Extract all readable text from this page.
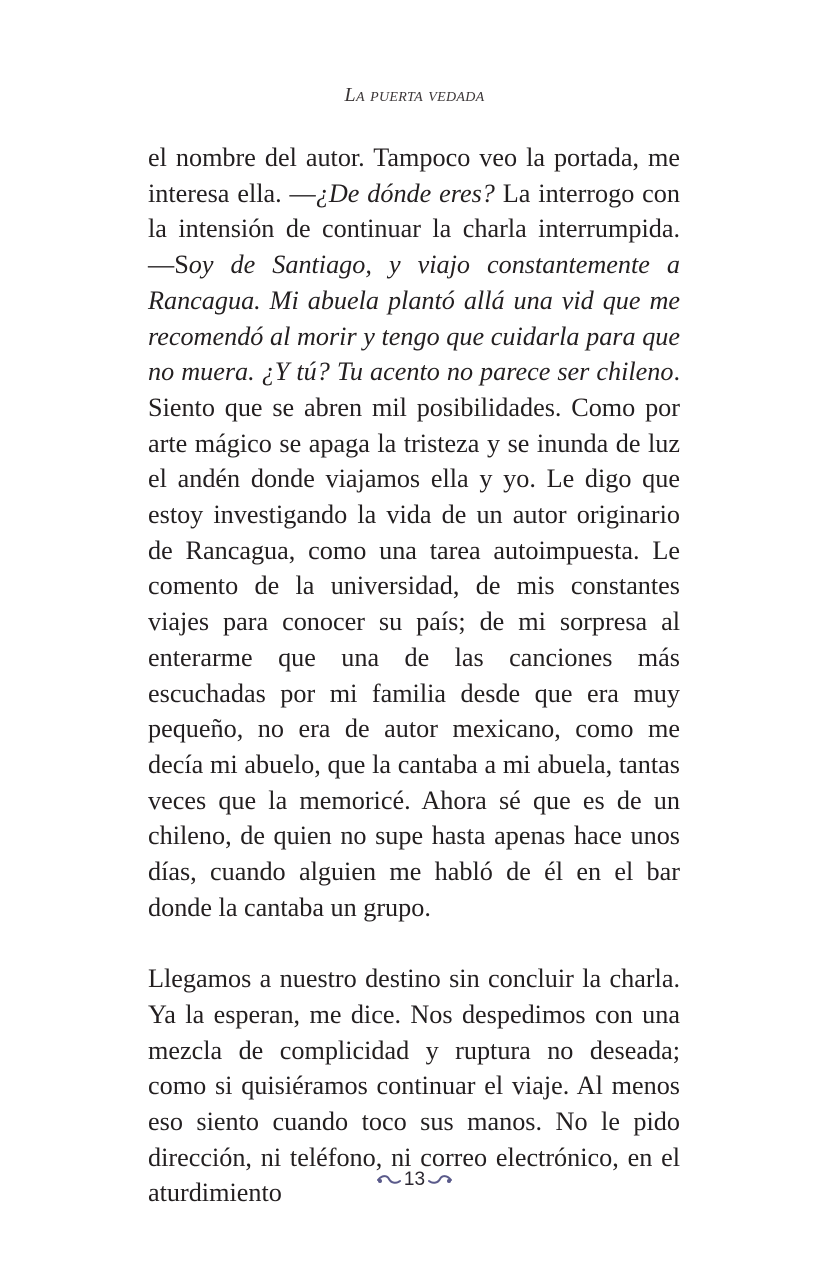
La puerta vedada

el nombre del autor. Tampoco veo la portada, me interesa ella. —¿De dónde eres? La interrogo con la intensión de continuar la charla interrumpida. —Soy de Santiago, y viajo constantemente a Rancagua. Mi abuela plantó allá una vid que me recomendó al morir y tengo que cuidarla para que no muera. ¿Y tú? Tu acento no parece ser chileno. Siento que se abren mil posibilidades. Como por arte mágico se apaga la tristeza y se inunda de luz el andén donde viajamos ella y yo. Le digo que estoy investigando la vida de un autor originario de Rancagua, como una tarea autoimpuesta. Le comento de la universidad, de mis constantes viajes para conocer su país; de mi sorpresa al enterarme que una de las canciones más escuchadas por mi familia desde que era muy pequeño, no era de autor mexicano, como me decía mi abuelo, que la cantaba a mi abuela, tantas veces que la memoricé. Ahora sé que es de un chileno, de quien no supe hasta apenas hace unos días, cuando alguien me habló de él en el bar donde la cantaba un grupo.

Llegamos a nuestro destino sin concluir la charla. Ya la esperan, me dice. Nos despedimos con una mezcla de complicidad y ruptura no deseada; como si quisiéramos continuar el viaje. Al menos eso siento cuando toco sus manos. No le pido dirección, ni teléfono, ni correo electrónico, en el aturdimiento	13
